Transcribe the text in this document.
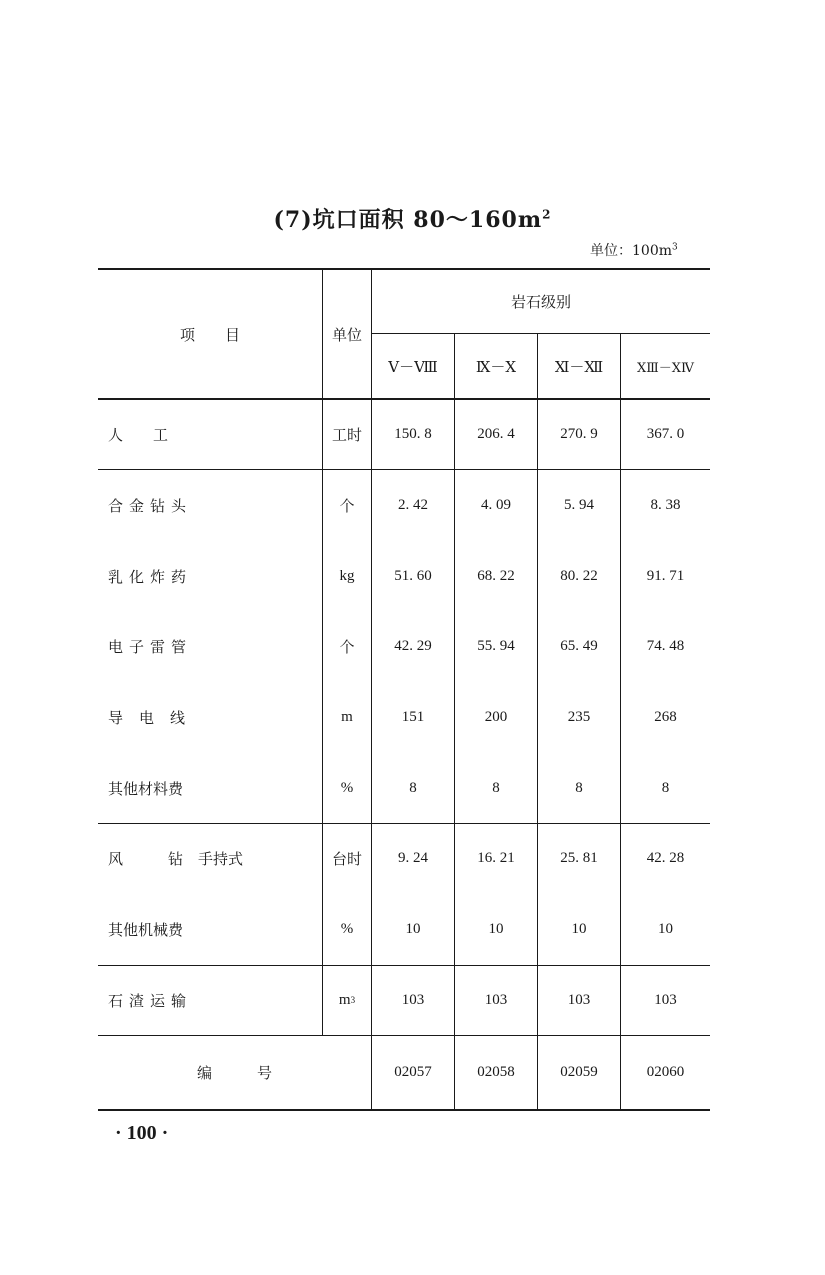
(7)坑口面积 $80\sim 160m^2$
单位：$100m^3$
项　　目	单位
岩石级别
Ⅴ－Ⅷ	Ⅸ－Ⅹ	Ⅺ－Ⅻ	ⅩⅢ－ⅩⅣ
人　　工	工时	150. 8	206. 4	270. 9	367. 0
合金钻头	个	2. 42	4. 09	5. 94	8. 38
乳化炸药	kg	51. 60	68. 22	80. 22	91. 71
电子雷管	个	42. 29	55. 94	65. 49	74. 48
导电线	m	151	200	235	268
其他材料费	%	8	8	8	8
风　　　钻　手持式	台时	9. 24	16. 21	25. 81	42. 28
其他机械费	%	10	10	10	10
石渣运输	m 3	103	103	103	103
编　　　号	02057	02058	02059	02060
· 100 ·
